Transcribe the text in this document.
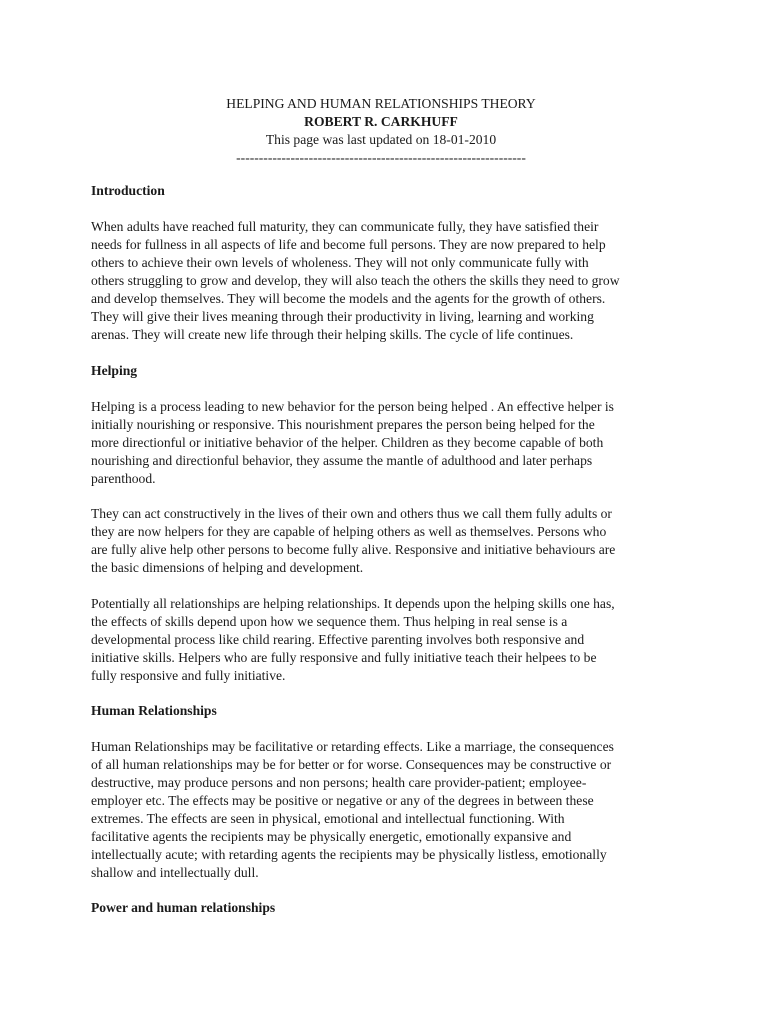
HELPING AND HUMAN RELATIONSHIPS THEORY
ROBERT R. CARKHUFF
This page was last updated on 18-01-2010
----------------------------------------------------------------
Introduction
When adults have reached full maturity, they can communicate fully, they have satisfied their
needs for fullness in all aspects of life and become full persons. They are now prepared to help
others to achieve their own levels of wholeness. They will not only communicate fully with
others struggling to grow and develop, they will also teach the others the skills they need to grow
and develop themselves. They will become the models and the agents for the growth of others.
They will give their lives meaning through their productivity in living, learning and working
arenas. They will create new life through their helping skills. The cycle of life continues.
Helping
Helping is a process leading to new behavior for the person being helped . An effective helper is
initially nourishing or responsive. This nourishment prepares the person being helped for the
more directionful or initiative behavior of the helper. Children as they become capable of both
nourishing and directionful behavior, they assume the mantle of adulthood and later perhaps
parenthood.
They can act constructively in the lives of their own and others thus we call them fully adults or
they are now helpers for they are capable of helping others as well as themselves. Persons who
are fully alive help other persons to become fully alive. Responsive and initiative behaviours are
the basic dimensions of helping and development.
Potentially all relationships are helping relationships. It depends upon the helping skills one has,
the effects of skills depend upon how we sequence them. Thus helping in real sense is a
developmental process like child rearing. Effective parenting involves both responsive and
initiative skills. Helpers who are fully responsive and fully initiative teach their helpees to be
fully responsive and fully initiative.
Human Relationships
Human Relationships may be facilitative or retarding effects. Like a marriage, the consequences
of all human relationships may be for better or for worse. Consequences may be constructive or
destructive, may produce persons and non persons; health care provider-patient; employee-
employer etc. The effects may be positive or negative or any of the degrees in between these
extremes. The effects are seen in physical, emotional and intellectual functioning. With
facilitative agents the recipients may be physically energetic, emotionally expansive and
intellectually acute; with retarding agents the recipients may be physically listless, emotionally
shallow and intellectually dull.
Power and human relationships
